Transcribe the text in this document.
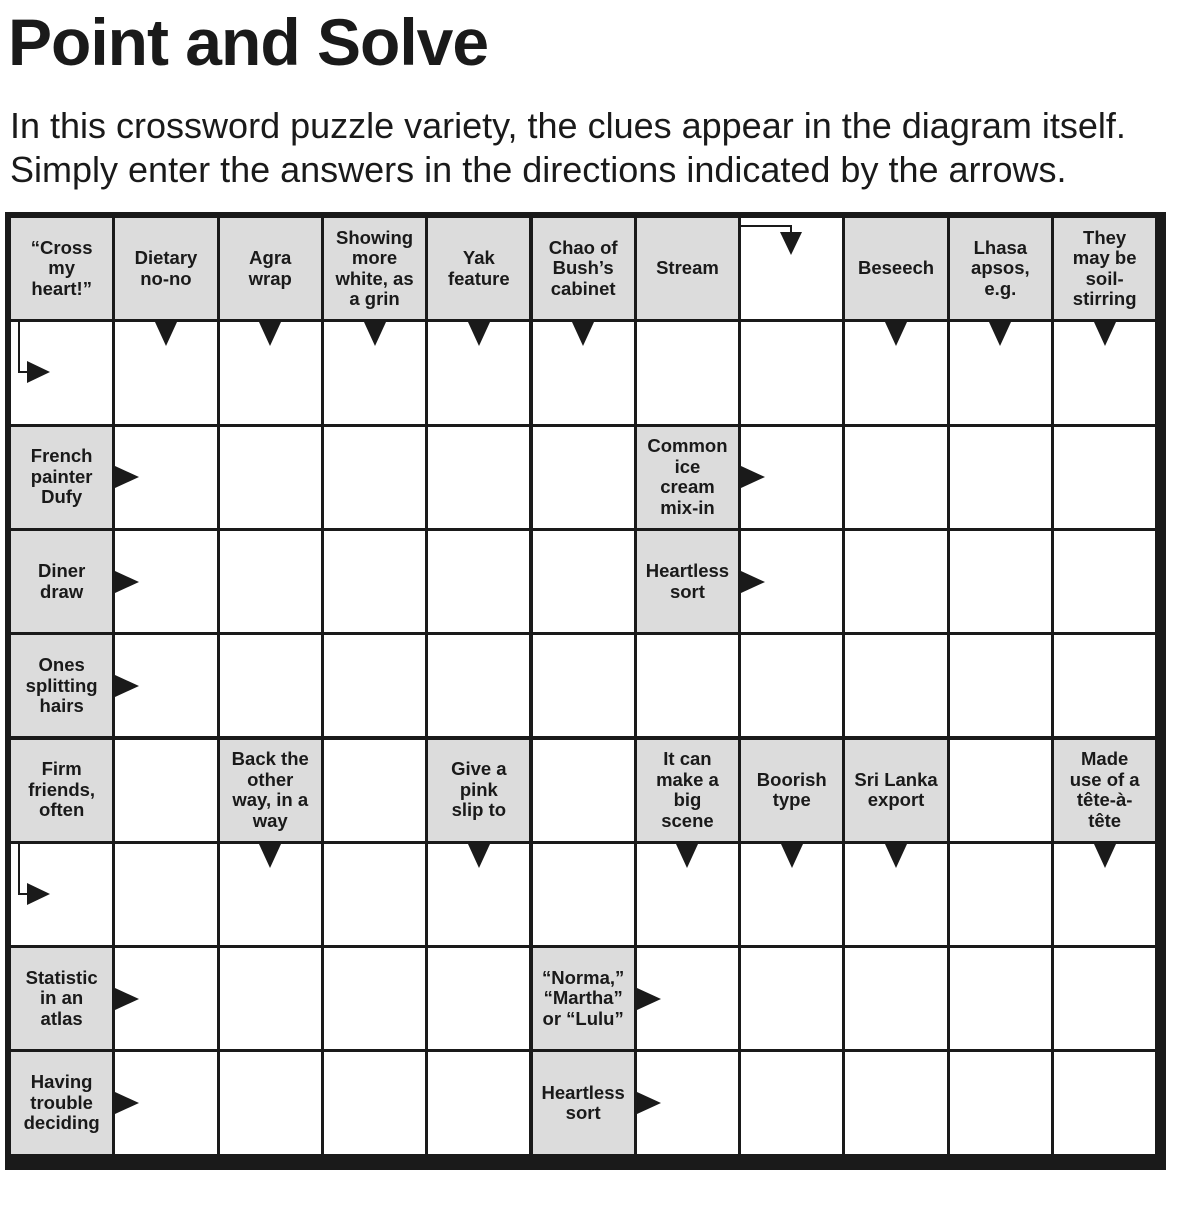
Point and Solve

In this crossword puzzle variety, the clues appear in the diagram itself.
Simply enter the answers in the directions indicated by the arrows.

“Cross
my
heart!”
Dietary
no-no
Agra
wrap
Showing
more
white, as
a grin
Yak
feature
Chao of
Bush’s
cabinet
Stream	Beseech
Lhasa
apsos,
e.g.
They
may be
soil-
stirring
French
painter
Dufy
Common
ice
cream
mix-in
Diner
draw
Heartless
sort
Ones
splitting
hairs
Firm
friends,
often
Back the
other
way, in a
way
Give a
pink
slip to
It can
make a
big
scene
Boorish
type
Sri Lanka
export
Made
use of a
tête-à-
tête
Statistic
in an
atlas
“Norma,”
“Martha”
or “Lulu”
Having
trouble
deciding
Heartless
sort
